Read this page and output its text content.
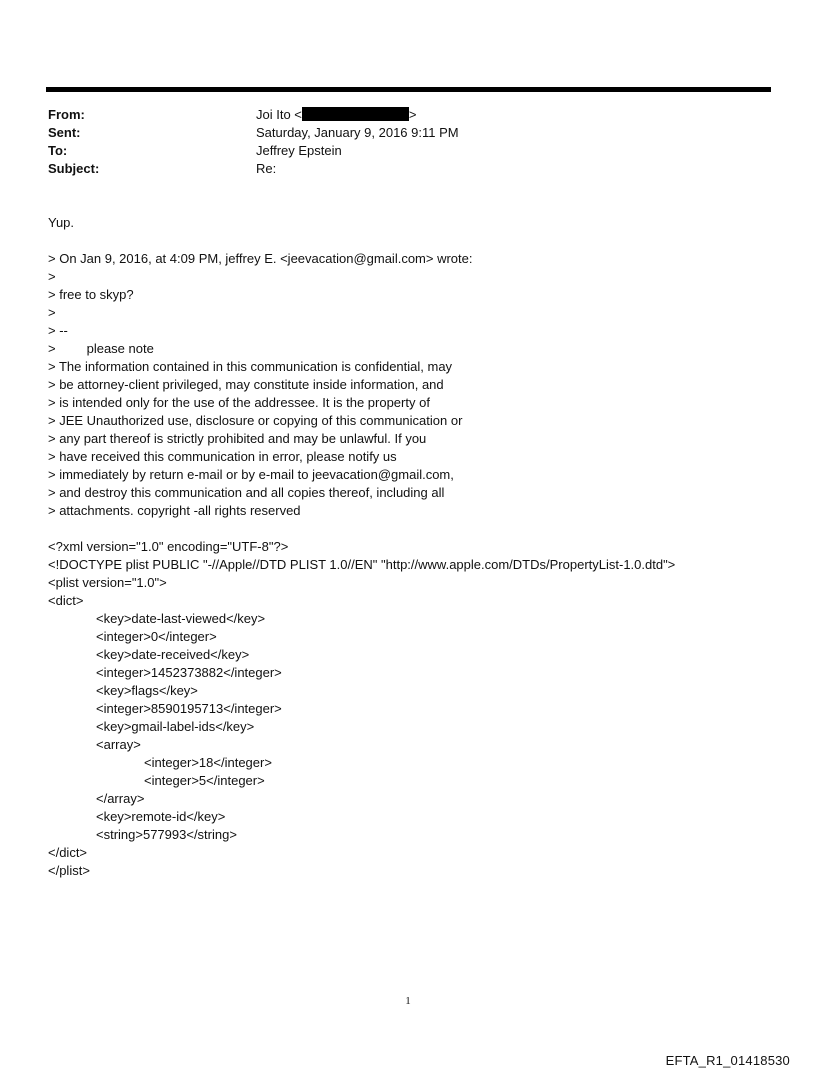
From:	Joi Ito <	>
Sent:	Saturday, January 9, 2016 9:11 PM
To:	Jeffrey Epstein
Subject:	Re:
Yup.
> On Jan 9, 2016, at 4:09 PM, jeffrey E. <jeevacation@gmail.com> wrote:
>
> free to skyp?
>
> --
> please note
> The information contained in this communication is confidential, may
> be attorney-client privileged, may constitute inside information, and
> is intended only for the use of the addressee. It is the property of
> JEE Unauthorized use, disclosure or copying of this communication or
> any part thereof is strictly prohibited and may be unlawful. If you
> have received this communication in error, please notify us
> immediately by return e-mail or by e-mail to jeevacation@gmail.com,
> and destroy this communication and all copies thereof, including all
> attachments. copyright -all rights reserved
<?xml version="1.0" encoding="UTF-8"?>
<!DOCTYPE plist PUBLIC "-//Apple//DTD PLIST 1.0//EN" "http://www.apple.com/DTDs/PropertyList-1.0.dtd">
<plist version="1.0">
<dict>
<key>date-last-viewed</key>
<integer>0</integer>
<key>date-received</key>
<integer>1452373882</integer>
<key>flags</key>
<integer>8590195713</integer>
<key>gmail-label-ids</key>
<array>
<integer>18</integer>
<integer>5</integer>
</array>
<key>remote-id</key>
<string>577993</string>
</dict>
</plist>
1
EFTA_R1_01418530
